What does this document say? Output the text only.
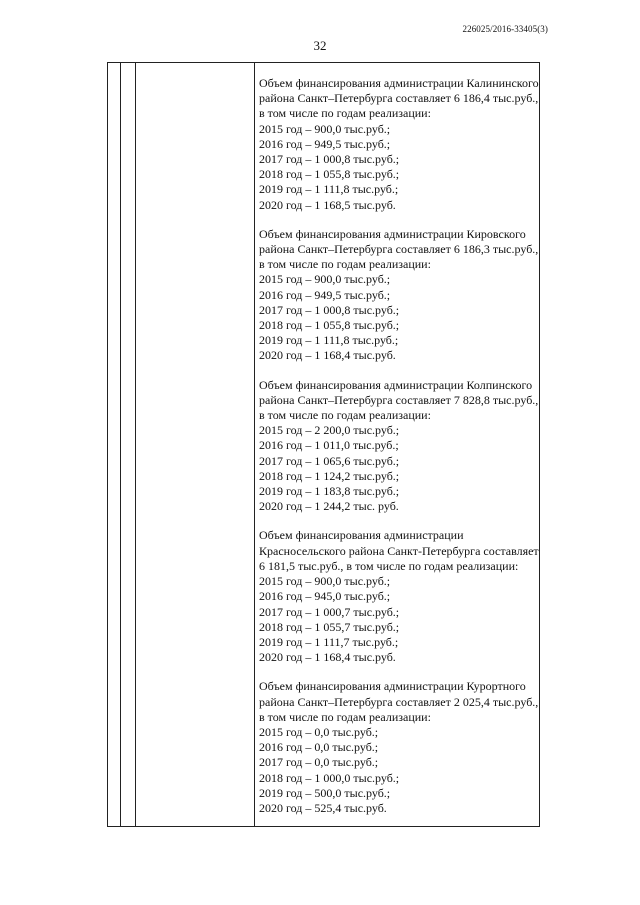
226025/2016-33405(3)
32
Объем финансирования администрации Калининского района Санкт–Петербурга составляет 6 186,4 тыс.руб., в том числе по годам реализации:
2015 год – 900,0 тыс.руб.;
2016 год – 949,5 тыс.руб.;
2017 год – 1 000,8 тыс.руб.;
2018 год – 1 055,8 тыс.руб.;
2019 год – 1 111,8 тыс.руб.;
2020 год – 1 168,5 тыс.руб.
Объем финансирования администрации Кировского района Санкт–Петербурга составляет 6 186,3 тыс.руб., в том числе по годам реализации:
2015 год – 900,0 тыс.руб.;
2016 год – 949,5 тыс.руб.;
2017 год – 1 000,8 тыс.руб.;
2018 год – 1 055,8 тыс.руб.;
2019 год – 1 111,8 тыс.руб.;
2020 год – 1 168,4 тыс.руб.
Объем финансирования администрации Колпинского района Санкт–Петербурга составляет 7 828,8 тыс.руб., в том числе по годам реализации:
2015 год – 2 200,0 тыс.руб.;
2016 год – 1 011,0 тыс.руб.;
2017 год – 1 065,6 тыс.руб.;
2018 год – 1 124,2 тыс.руб.;
2019 год – 1 183,8 тыс.руб.;
2020 год – 1 244,2 тыс. руб.
Объем финансирования администрации Красносельского района Санкт-Петербурга составляет 6 181,5 тыс.руб., в том числе по годам реализации:
2015 год – 900,0 тыс.руб.;
2016 год – 945,0 тыс.руб.;
2017 год – 1 000,7 тыс.руб.;
2018 год – 1 055,7 тыс.руб.;
2019 год – 1 111,7 тыс.руб.;
2020 год – 1 168,4 тыс.руб.
Объем финансирования администрации Курортного района Санкт–Петербурга составляет 2 025,4 тыс.руб., в том числе по годам реализации:
2015 год – 0,0 тыс.руб.;
2016 год – 0,0 тыс.руб.;
2017 год – 0,0 тыс.руб.;
2018 год – 1 000,0 тыс.руб.;
2019 год – 500,0 тыс.руб.;
2020 год – 525,4 тыс.руб.
